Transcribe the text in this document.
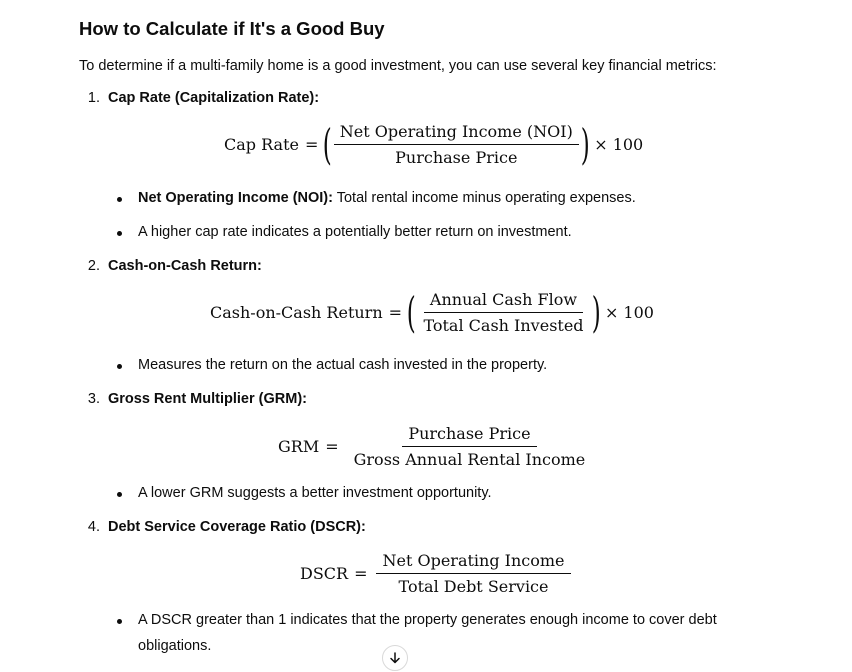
How to Calculate if It's a Good Buy
To determine if a multi-family home is a good investment, you can use several key financial metrics:
1. Cap Rate (Capitalization Rate):
Cap Rate = ( $\frac{\text{Net Operating Income (NOI)}}{\text{Purchase Price}}$ ) × 100
Net Operating Income (NOI): Total rental income minus operating expenses.
A higher cap rate indicates a potentially better return on investment.
2. Cash-on-Cash Return:
Cash-on-Cash Return = ( $\frac{\text{Annual Cash Flow}}{\text{Total Cash Invested}}$ ) × 100
Measures the return on the actual cash invested in the property.
3. Gross Rent Multiplier (GRM):
GRM = $\frac{\text{Purchase Price}}{\text{Gross Annual Rental Income}}$
A lower GRM suggests a better investment opportunity.
4. Debt Service Coverage Ratio (DSCR):
DSCR = $\frac{\text{Net Operating Income}}{\text{Total Debt Service}}$
A DSCR greater than 1 indicates that the property generates enough income to cover debt
obligations.
